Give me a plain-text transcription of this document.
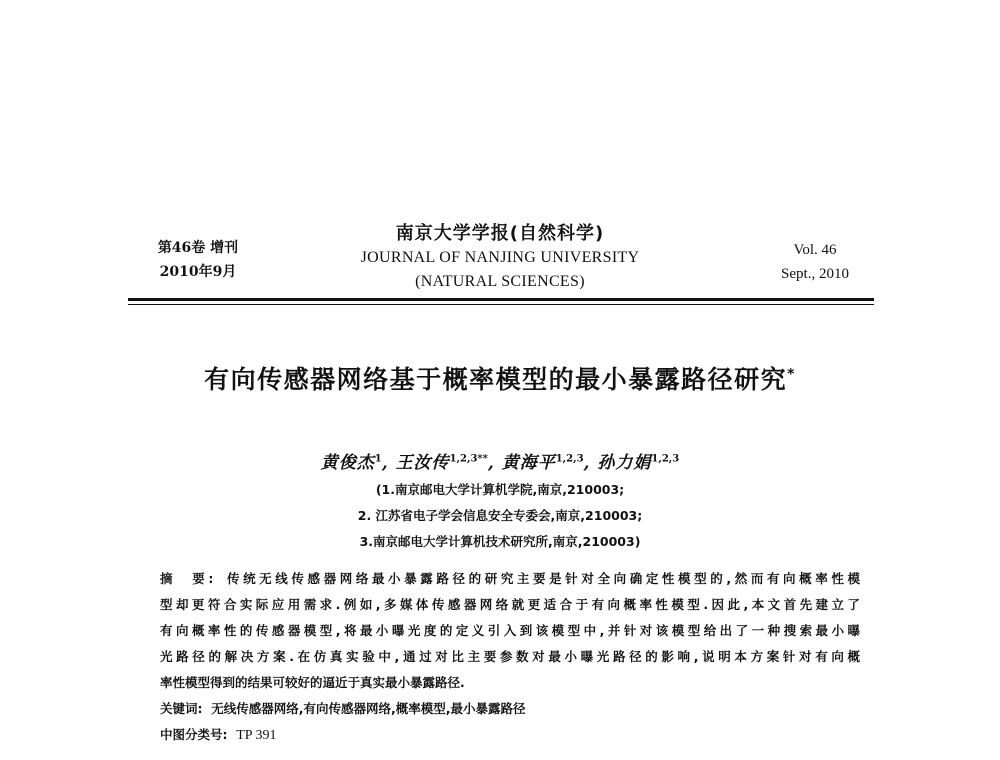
第46卷 增刊
2010年9月
南京大学学报(自然科学)
JOURNAL OF NANJING UNIVERSITY
(NATURAL SCIENCES)
Vol. 46
Sept., 2010
有向传感器网络基于概率模型的最小暴露路径研究*
黄俊杰$^1$, 王汝传$^{1,2,3**}$, 黄海平$^{1,2,3}$, 孙力娟$^{1,2,3}$
(1.南京邮电大学计算机学院,南京,210003;
2. 江苏省电子学会信息安全专委会,南京,210003;
3.南京邮电大学计算机技术研究所,南京,210003)
摘　要: 传统无线传感器网络最小暴露路径的研究主要是针对全向确定性模型的,然而有向概率性模
型却更符合实际应用需求.例如,多媒体传感器网络就更适合于有向概率性模型.因此,本文首先建立了
有向概率性的传感器模型,将最小曝光度的定义引入到该模型中,并针对该模型给出了一种搜索最小曝
光路径的解决方案.在仿真实验中,通过对比主要参数对最小曝光路径的影响,说明本方案针对有向概
率性模型得到的结果可较好的逼近于真实最小暴露路径.
关键词: 无线传感器网络,有向传感器网络,概率模型,最小暴露路径
中图分类号: TP 391
